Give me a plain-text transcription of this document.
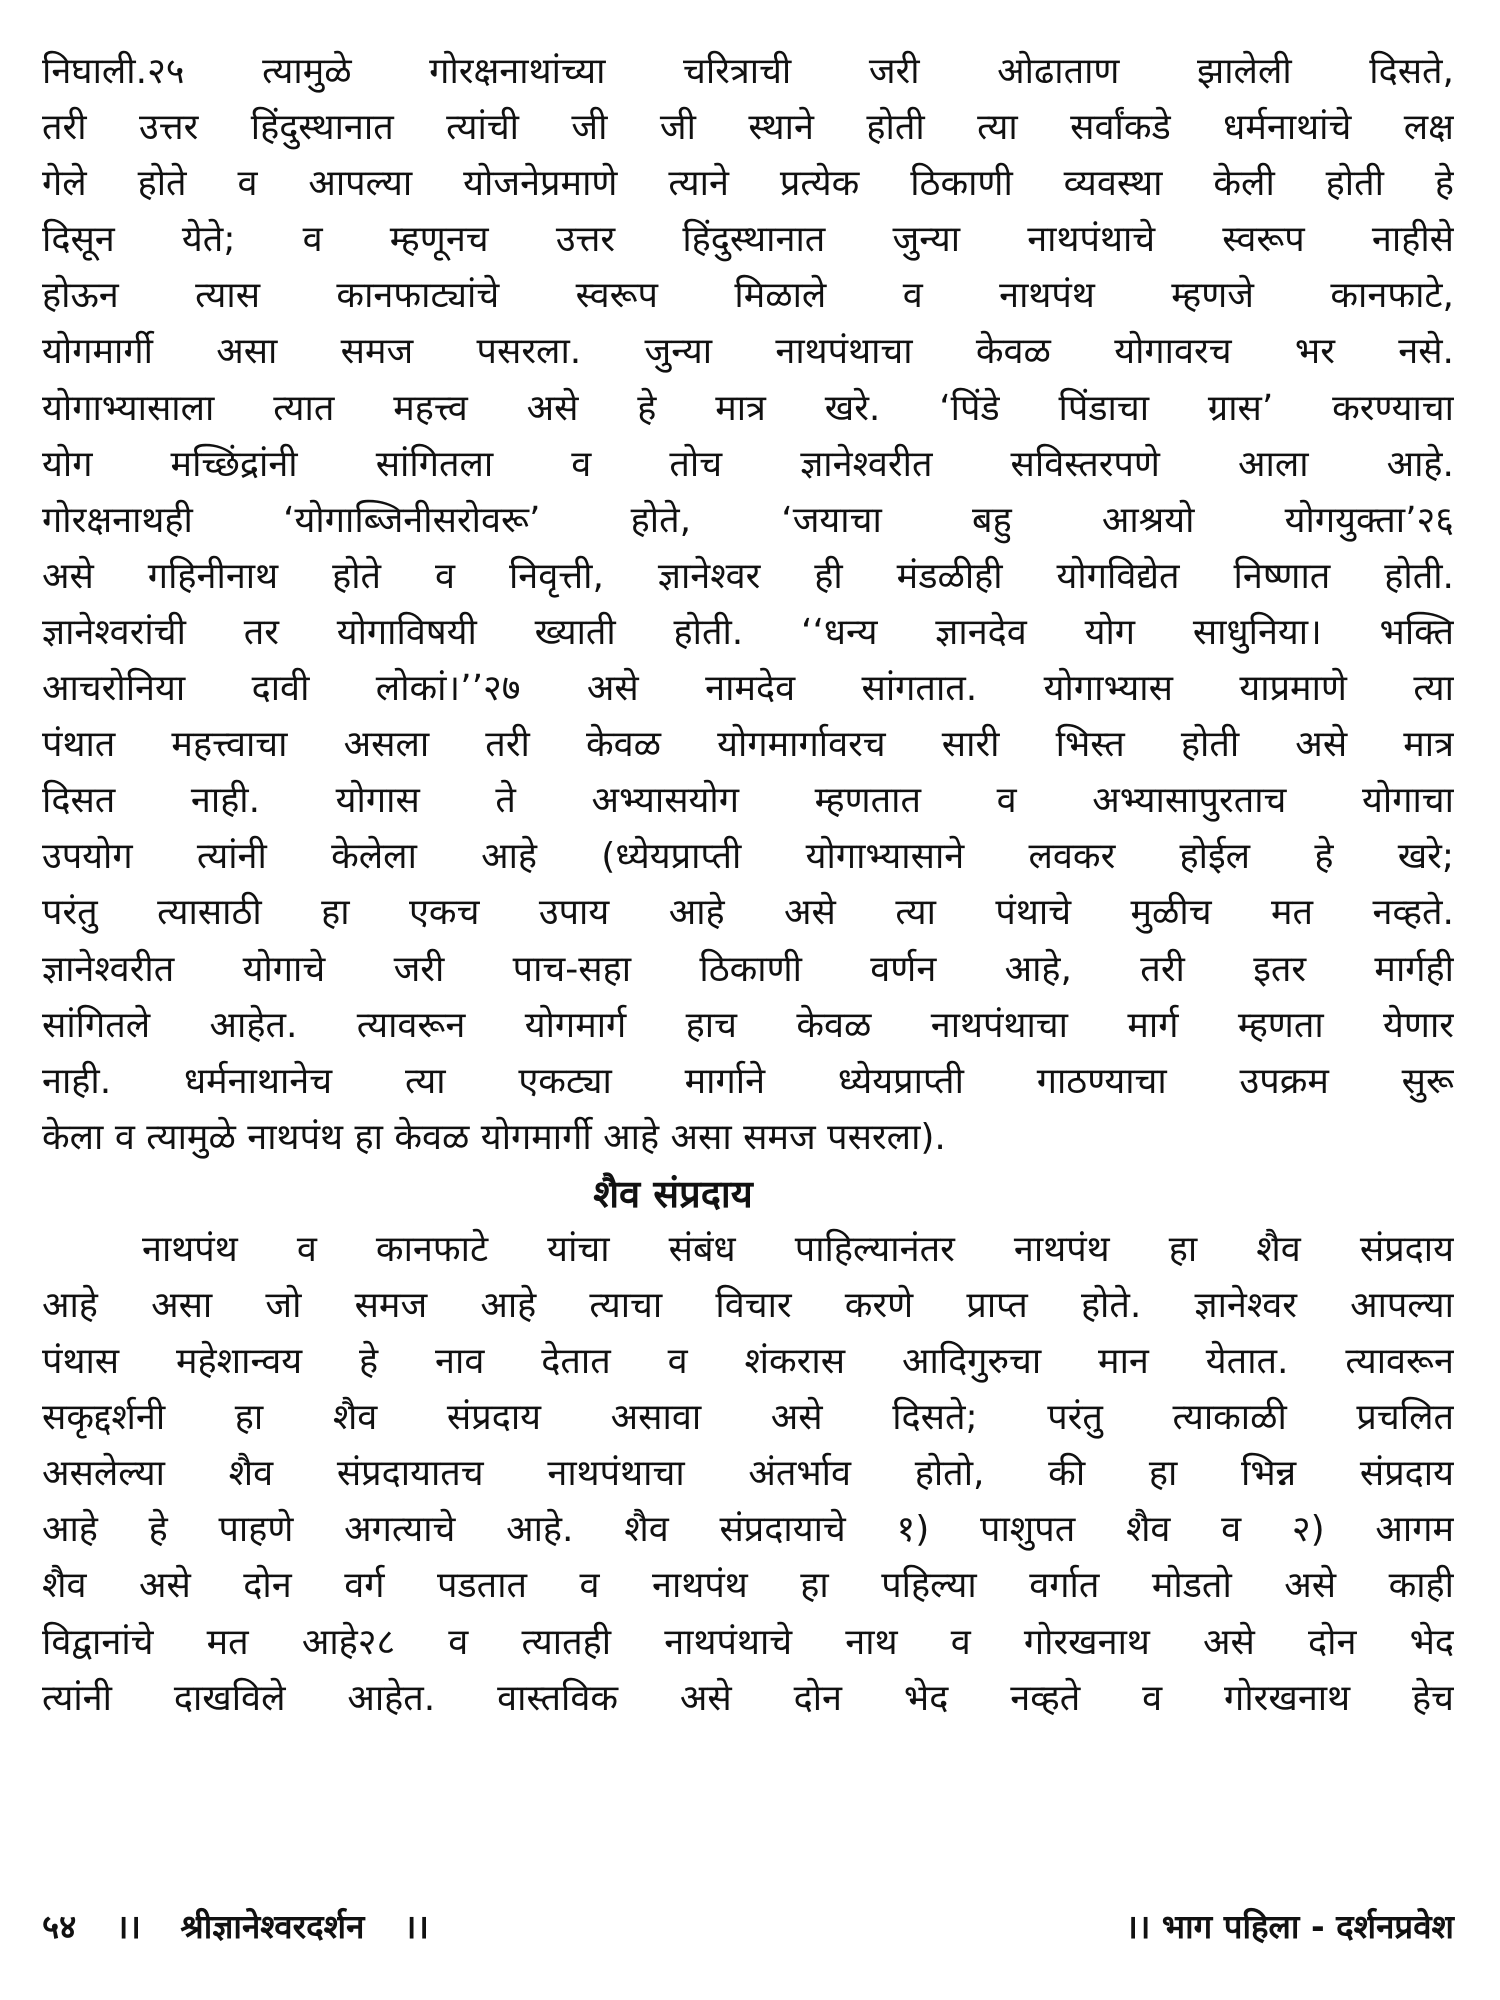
निघाली.२५ त्यामुळे गोरक्षनाथांच्या चरित्राची जरी ओढाताण झालेली दिसते,
तरी उत्तर हिंदुस्थानात त्यांची जी जी स्थाने होती त्या सर्वांकडे धर्मनाथांचे लक्ष
गेले होते व आपल्या योजनेप्रमाणे त्याने प्रत्येक ठिकाणी व्यवस्था केली होती हे
दिसून येते; व म्हणूनच उत्तर हिंदुस्थानात जुन्या नाथपंथाचे स्वरूप नाहीसे
होऊन त्यास कानफाट्यांचे स्वरूप मिळाले व नाथपंथ म्हणजे कानफाटे,
योगमार्गी असा समज पसरला. जुन्या नाथपंथाचा केवळ योगावरच भर नसे.
योगाभ्यासाला त्यात महत्त्व असे हे मात्र खरे. ‘पिंडे पिंडाचा ग्रास’ करण्याचा
योग मच्छिंद्रांनी सांगितला व तोच ज्ञानेश्वरीत सविस्तरपणे आला आहे.
गोरक्षनाथही ‘योगाब्जिनीसरोवरू’ होते, ‘जयाचा बहु आश्रयो योगयुक्ता’२६
असे गहिनीनाथ होते व निवृत्ती, ज्ञानेश्वर ही मंडळीही योगविद्येत निष्णात होती.
ज्ञानेश्वरांची तर योगाविषयी ख्याती होती. ‘‘धन्य ज्ञानदेव योग साधुनिया। भक्ति
आचरोनिया दावी लोकां।’’२७ असे नामदेव सांगतात. योगाभ्यास याप्रमाणे त्या
पंथात महत्त्वाचा असला तरी केवळ योगमार्गावरच सारी भिस्त होती असे मात्र
दिसत नाही. योगास ते अभ्यासयोग म्हणतात व अभ्यासापुरताच योगाचा
उपयोग त्यांनी केलेला आहे (ध्येयप्राप्ती योगाभ्यासाने लवकर होईल हे खरे;
परंतु त्यासाठी हा एकच उपाय आहे असे त्या पंथाचे मुळीच मत नव्हते.
ज्ञानेश्वरीत योगाचे जरी पाच-सहा ठिकाणी वर्णन आहे, तरी इतर मार्गही
सांगितले आहेत. त्यावरून योगमार्ग हाच केवळ नाथपंथाचा मार्ग म्हणता येणार
नाही. धर्मनाथानेच त्या एकट्या मार्गाने ध्येयप्राप्ती गाठण्याचा उपक्रम सुरू
केला व त्यामुळे नाथपंथ हा केवळ योगमार्गी आहे असा समज पसरला).
शैव संप्रदाय
नाथपंथ व कानफाटे यांचा संबंध पाहिल्यानंतर नाथपंथ हा शैव संप्रदाय
आहे असा जो समज आहे त्याचा विचार करणे प्राप्त होते. ज्ञानेश्वर आपल्या
पंथास महेशान्वय हे नाव देतात व शंकरास आदिगुरुचा मान येतात. त्यावरून
सकृद्दर्शनी हा शैव संप्रदाय असावा असे दिसते; परंतु त्याकाळी प्रचलित
असलेल्या शैव संप्रदायातच नाथपंथाचा अंतर्भाव होतो, की हा भिन्न संप्रदाय
आहे हे पाहणे अगत्याचे आहे. शैव संप्रदायाचे १) पाशुपत शैव व २) आगम
शैव असे दोन वर्ग पडतात व नाथपंथ हा पहिल्या वर्गात मोडतो असे काही
विद्वानांचे मत आहे२८ व त्यातही नाथपंथाचे नाथ व गोरखनाथ असे दोन भेद
त्यांनी दाखविले आहेत. वास्तविक असे दोन भेद नव्हते व गोरखनाथ हेच
५४ ।। श्रीज्ञानेश्वरदर्शन ।।	।। भाग पहिला - दर्शनप्रवेश
